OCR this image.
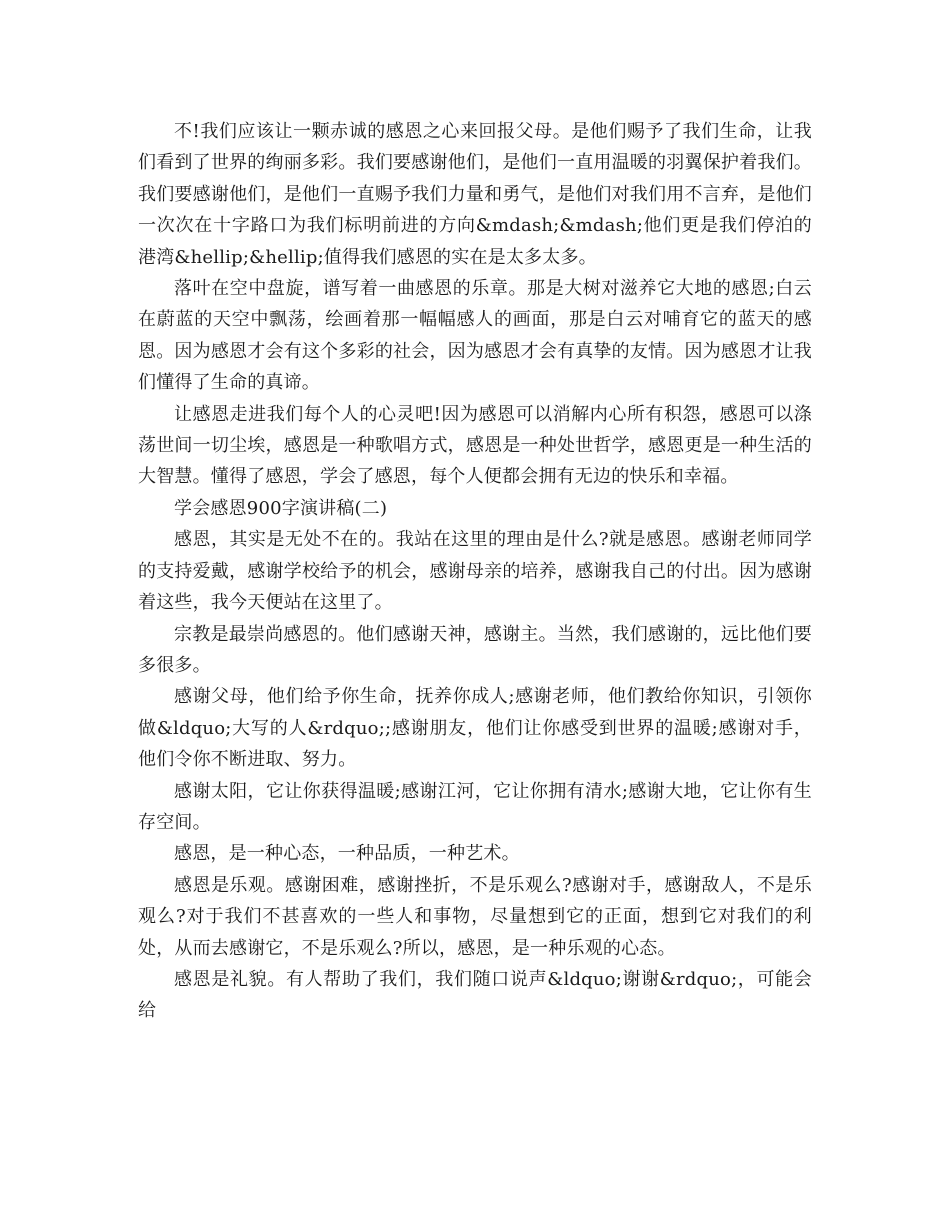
不!我们应该让一颗赤诚的感恩之心来回报父母。是他们赐予了我们生命，让我们看到了世界的绚丽多彩。我们要感谢他们，是他们一直用温暖的羽翼保护着我们。我们要感谢他们，是他们一直赐予我们力量和勇气，是他们对我们用不言弃，是他们一次次在十字路口为我们标明前进的方向&mdash;&mdash;他们更是我们停泊的港湾&hellip;&hellip;值得我们感恩的实在是太多太多。

落叶在空中盘旋，谱写着一曲感恩的乐章。那是大树对滋养它大地的感恩;白云在蔚蓝的天空中飘荡，绘画着那一幅幅感人的画面，那是白云对哺育它的蓝天的感恩。因为感恩才会有这个多彩的社会，因为感恩才会有真挚的友情。因为感恩才让我们懂得了生命的真谛。

让感恩走进我们每个人的心灵吧!因为感恩可以消解内心所有积怨，感恩可以涤荡世间一切尘埃，感恩是一种歌唱方式，感恩是一种处世哲学，感恩更是一种生活的大智慧。懂得了感恩，学会了感恩，每个人便都会拥有无边的快乐和幸福。

学会感恩900字演讲稿(二)

感恩，其实是无处不在的。我站在这里的理由是什么?就是感恩。感谢老师同学的支持爱戴，感谢学校给予的机会，感谢母亲的培养，感谢我自己的付出。因为感谢着这些，我今天便站在这里了。

宗教是最崇尚感恩的。他们感谢天神，感谢主。当然，我们感谢的，远比他们要多很多。

感谢父母，他们给予你生命，抚养你成人;感谢老师，他们教给你知识，引领你做&ldquo;大写的人&rdquo;;感谢朋友，他们让你感受到世界的温暖;感谢对手，他们令你不断进取、努力。

感谢太阳，它让你获得温暖;感谢江河，它让你拥有清水;感谢大地，它让你有生存空间。

感恩，是一种心态，一种品质，一种艺术。

感恩是乐观。感谢困难，感谢挫折，不是乐观么?感谢对手，感谢敌人，不是乐观么?对于我们不甚喜欢的一些人和事物，尽量想到它的正面，想到它对我们的利处，从而去感谢它，不是乐观么?所以，感恩，是一种乐观的心态。

感恩是礼貌。有人帮助了我们，我们随口说声&ldquo;谢谢&rdquo;，可能会给
